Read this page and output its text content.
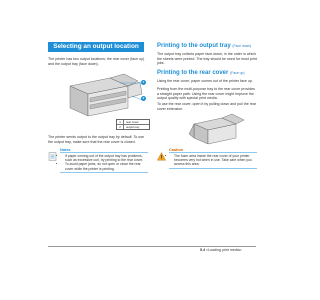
Selecting an output location
The printer has two output locations; the rear cover (face up) and the output tray (face down).
1
2
1	rear cover
2	output tray
The printer sends output to the output tray by default. To use the output tray, make sure that the rear cover is closed.
Notes
• If paper coming out of the output tray has problems, such as excessive curl, try printing to the rear cover.
• To avoid paper jams, do not open or close the rear cover while the printer is printing.
Printing to the output tray (Face down)
The output tray collects paper face-down, in the order in which the sheets were printed. The tray should be used for most print jobs.
Printing to the rear cover (Face up)
Using the rear cover, paper comes out of the printer face up.
Printing from the multi-purpose tray to the rear cover provides a straight paper path. Using the rear cover might improve the output quality with special print media.
To use the rear cover, open it by pulling down and pull the rear cover extension.
Caution
• The fuser area inside the rear cover of your printer becomes very hot when in use. Take care when you access this area.
5.4 <Loading print media>
